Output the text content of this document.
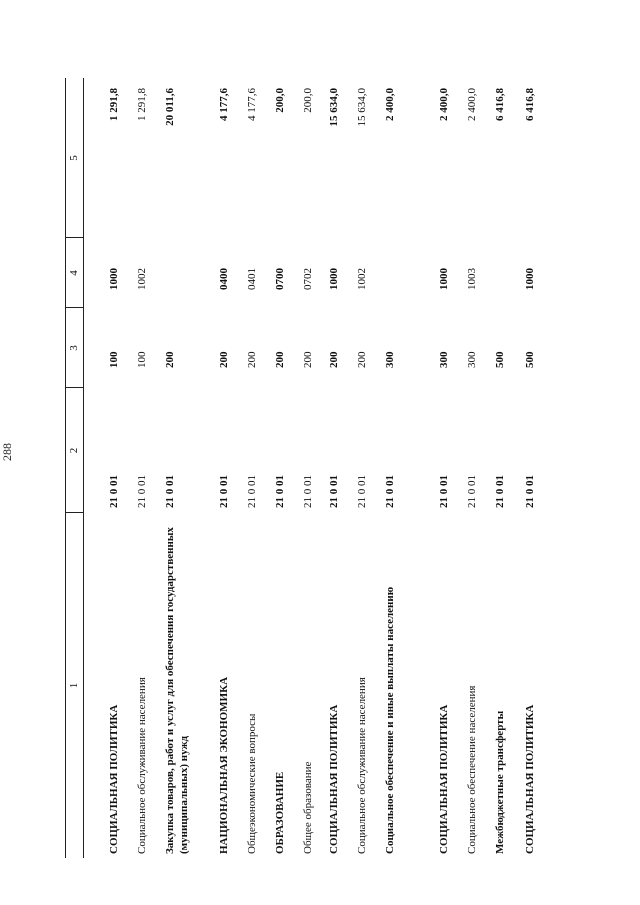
288
1
2
3
4
5
СОЦИАЛЬНАЯ ПОЛИТИКА
21 0 01
100
1000
1 291,8
Социальное обслуживание населения
21 0 01
100
1002
1 291,8
Закупка товаров, работ и услуг для обеспечения государственных (муниципальных) нужд
21 0 01
200
20 011,6
НАЦИОНАЛЬНАЯ ЭКОНОМИКА
21 0 01
200
0400
4 177,6
Общеэкономические вопросы
21 0 01
200
0401
4 177,6
ОБРАЗОВАНИЕ
21 0 01
200
0700
200,0
Общее образование
21 0 01
200
0702
200,0
СОЦИАЛЬНАЯ ПОЛИТИКА
21 0 01
200
1000
15 634,0
Социальное обслуживание населения
21 0 01
200
1002
15 634,0
Социальное обеспечение и иные выплаты населению
21 0 01
300
2 400,0
СОЦИАЛЬНАЯ ПОЛИТИКА
21 0 01
300
1000
2 400,0
Социальное обеспечение населения
21 0 01
300
1003
2 400,0
Межбюджетные трансферты
21 0 01
500
6 416,8
СОЦИАЛЬНАЯ ПОЛИТИКА
21 0 01
500
1000
6 416,8
